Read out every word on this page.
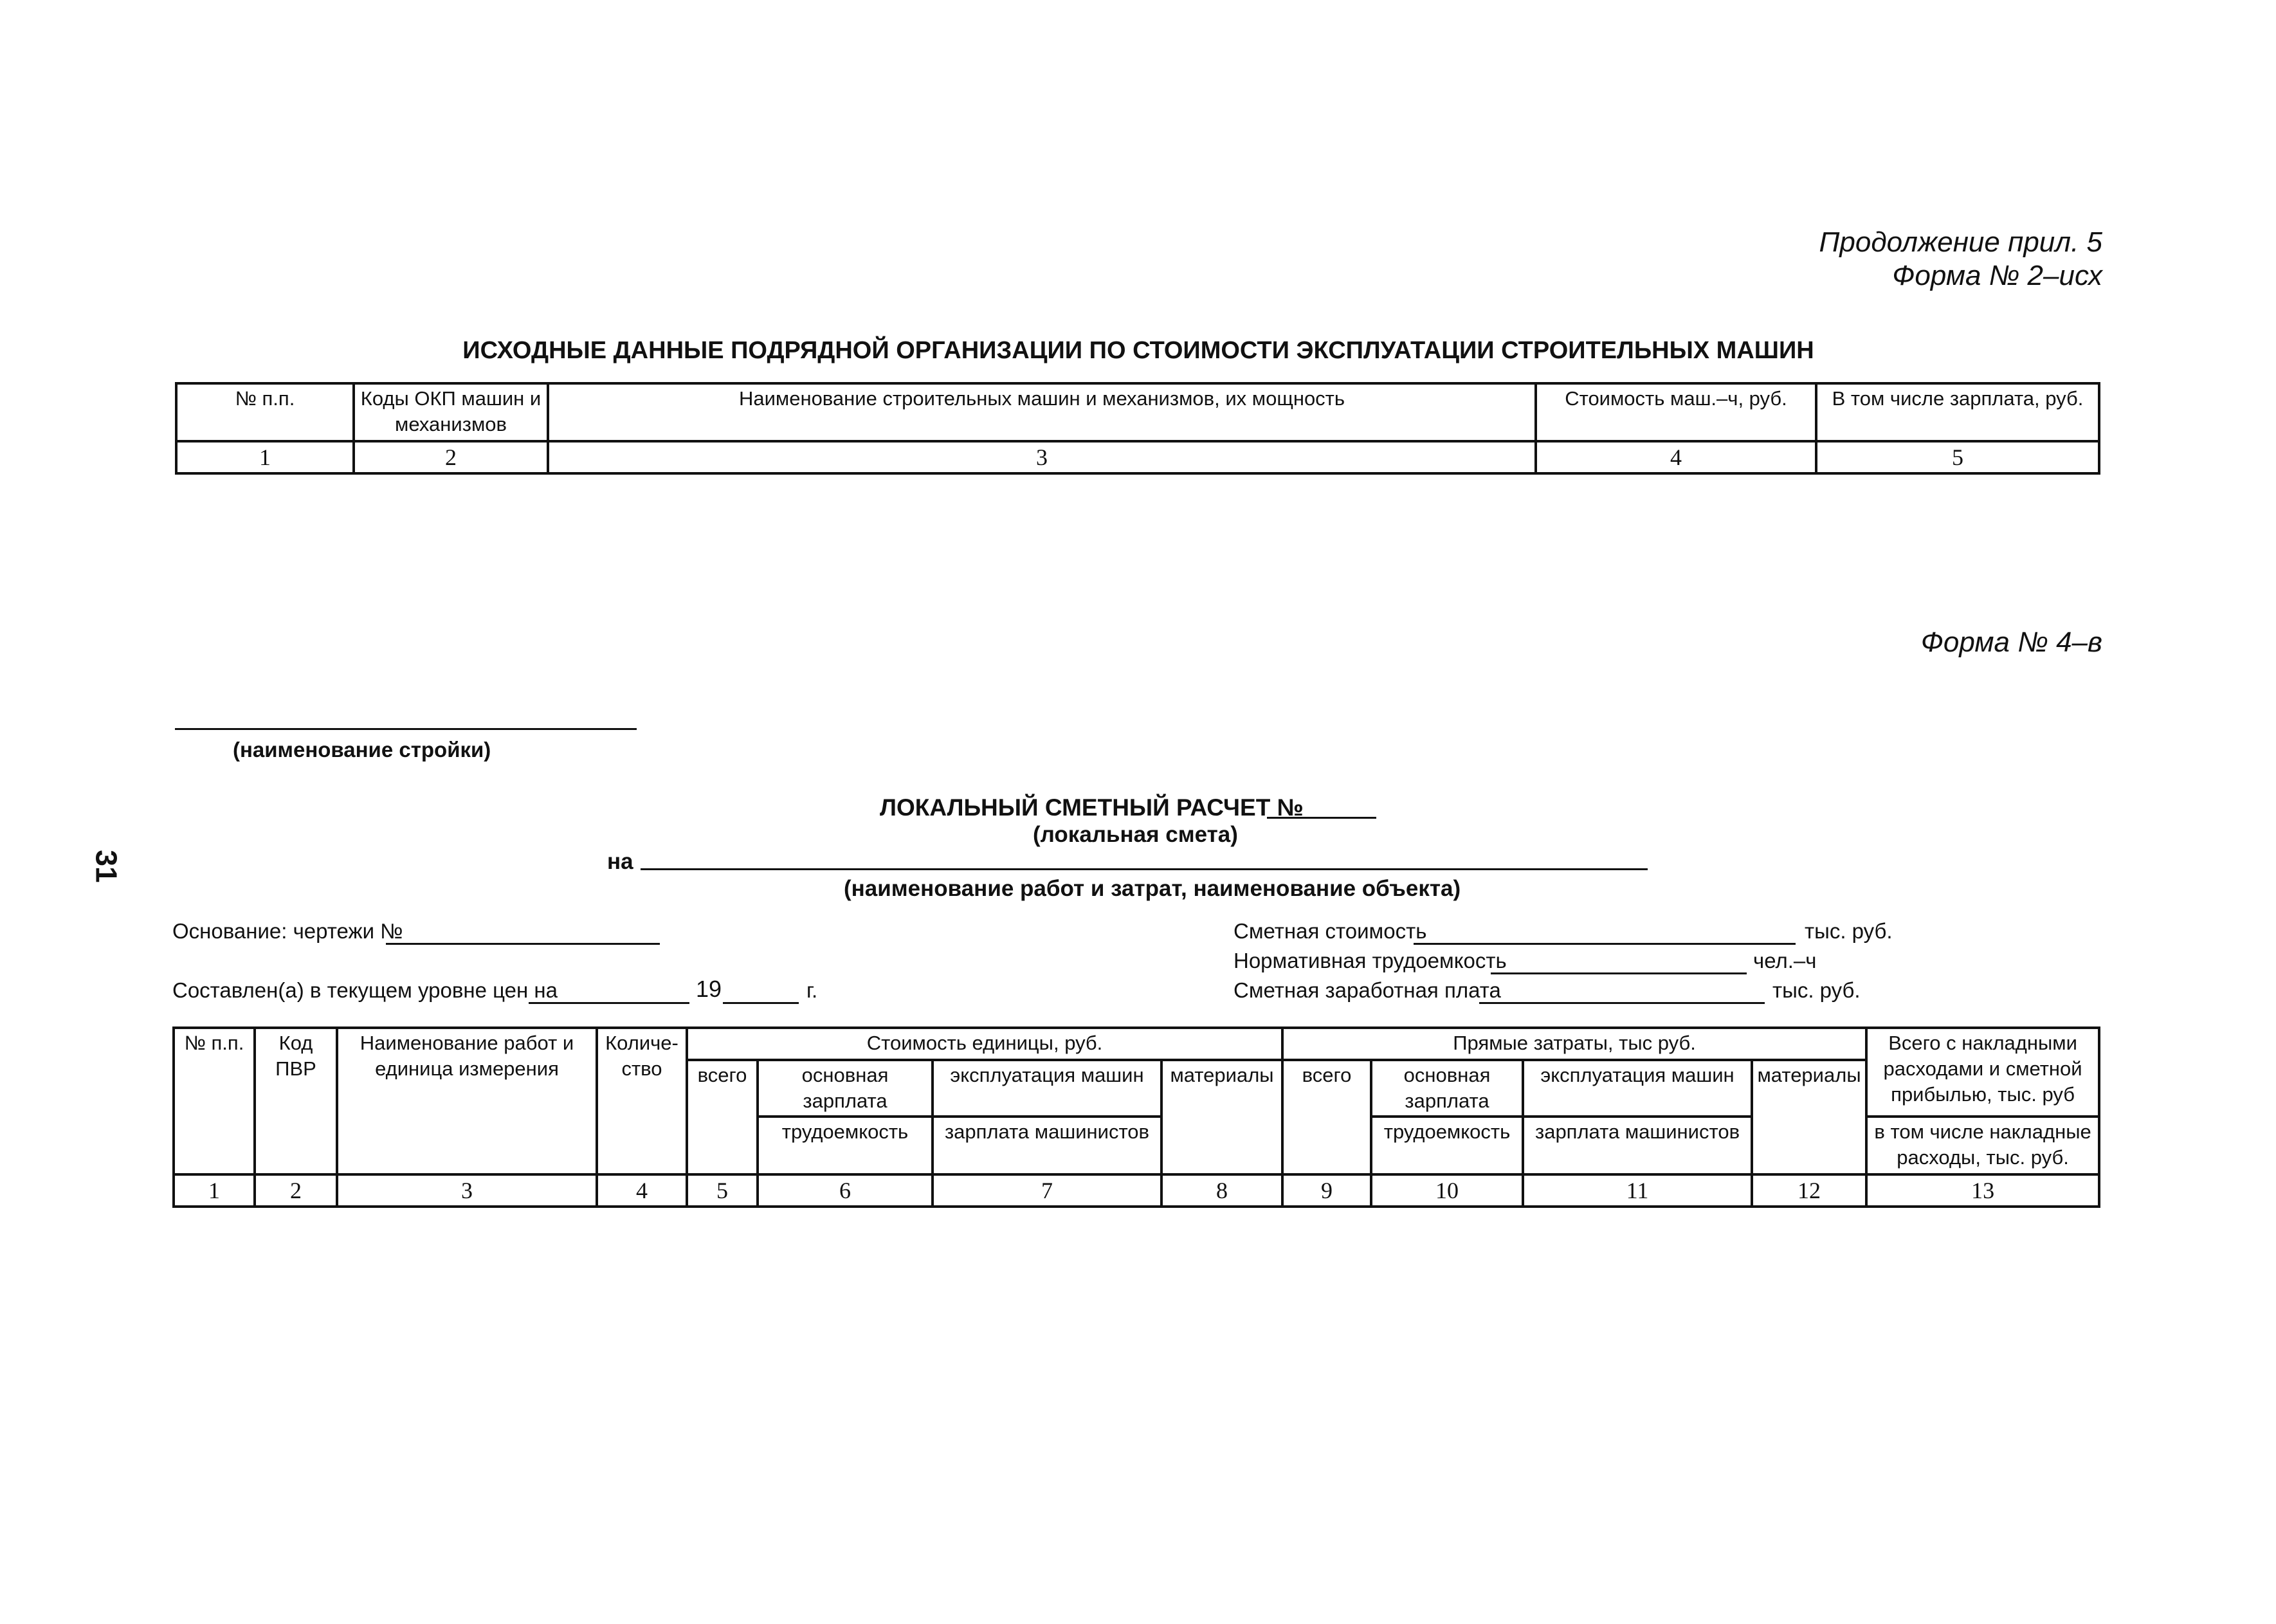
31
Продолжение прил. 5
Форма № 2–исх
ИСХОДНЫЕ ДАННЫЕ ПОДРЯДНОЙ ОРГАНИЗАЦИИ ПО СТОИМОСТИ ЭКСПЛУАТАЦИИ СТРОИТЕЛЬНЫХ МАШИН
№ п.п.	Коды ОКП машин и механизмов	Наименование строительных машин и механизмов, их мощность	Стоимость маш.–ч, руб.	В том числе зарплата, руб.
1	2	3	4	5
Форма № 4–в
(наименование стройки)
ЛОКАЛЬНЫЙ СМЕТНЫЙ РАСЧЕТ №
(локальная смета)
на
(наименование работ и затрат, наименование объекта)
Основание: чертежи №
Составлен(а) в текущем уровне цен на	19	г.
Сметная стоимость	тыс. руб.
Нормативная трудоемкость	чел.–ч
Сметная заработная плата	тыс. руб.
№ п.п.	Код ПВР	Наименование работ и единица измерения	Количе- ство	Стоимость единицы, руб.				Прямые затраты, тыс руб.				Всего с накладными расходами и сметной прибылью, тыс. руб
				всего	основная зарплата	эксплуатация машин	материалы	всего	основная зарплата	эксплуатация машин	материалы	
					трудоемкость	зарплата машинистов			трудоемкость	зарплата машинистов		в том числе накладные расходы, тыс. руб.
1	2	3	4	5	6	7	8	9	10	11	12	13
